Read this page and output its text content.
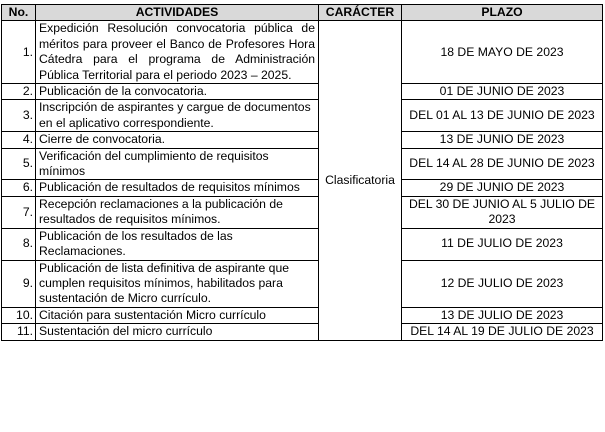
No.	ACTIVIDADES	CARÁCTER	PLAZO
1.	Expedición Resolución convocatoria pública de méritos para proveer el Banco de Profesores Hora Cátedra para el programa de Administración Pública Territorial para el periodo 2023 – 2025.	Clasificatoria	18 DE MAYO DE 2023
2.	Publicación de la convocatoria.		01 DE JUNIO DE 2023
3.	Inscripción de aspirantes y cargue de documentos en el aplicativo correspondiente.		DEL 01 AL 13 DE JUNIO DE 2023
4.	Cierre de convocatoria.		13 DE JUNIO DE 2023
5.	Verificación del cumplimiento de requisitos mínimos		DEL 14 AL 28 DE JUNIO DE 2023
6.	Publicación de resultados de requisitos mínimos		29 DE JUNIO DE 2023
7.	Recepción reclamaciones a la publicación de resultados de requisitos mínimos.		DEL 30 DE JUNIO AL 5 JULIO DE 2023
8.	Publicación de los resultados de las Reclamaciones.		11 DE JULIO DE 2023
9.	Publicación de lista definitiva de aspirante que cumplen requisitos mínimos, habilitados para sustentación de Micro currículo.		12 DE JULIO DE 2023
10.	Citación para sustentación Micro currículo		13 DE JULIO DE 2023
11.	Sustentación del micro currículo		DEL 14 AL 19 DE JULIO DE 2023
